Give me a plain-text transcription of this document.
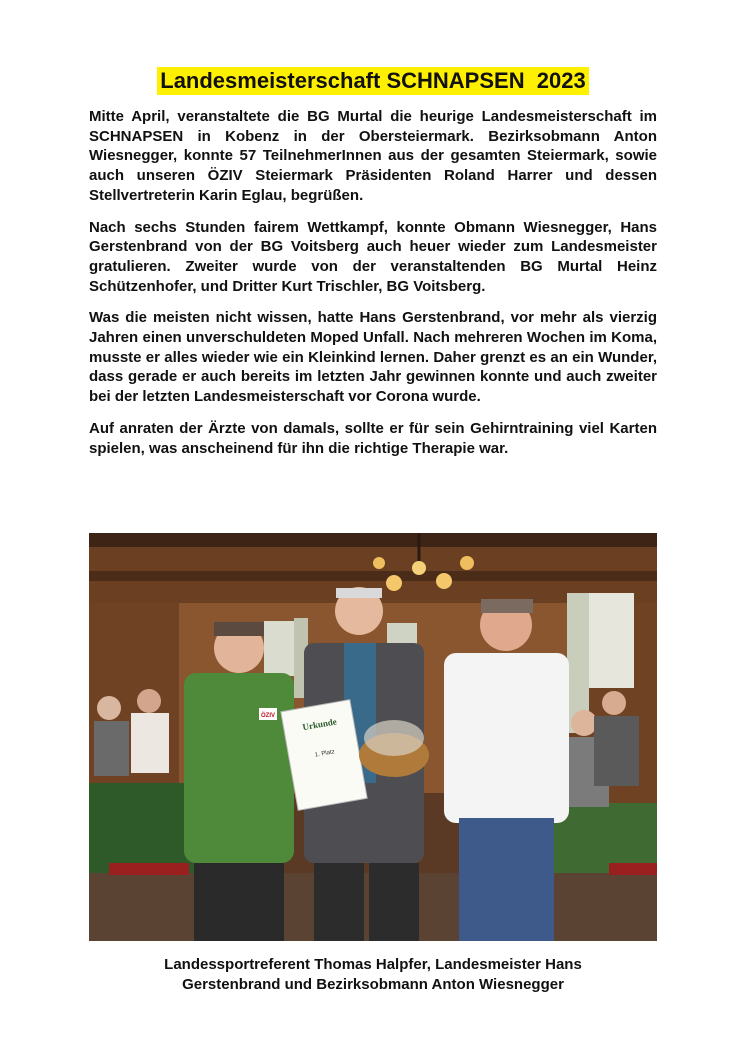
Landesmeisterschaft SCHNAPSEN  2023

Mitte April, veranstaltete die BG Murtal die heurige Landesmeisterschaft im SCHNAPSEN in Kobenz in der Obersteiermark. Bezirksobmann Anton Wiesnegger, konnte 57 TeilnehmerInnen aus der gesamten Steiermark, sowie auch unseren ÖZIV Steiermark Präsidenten Roland Harrer und dessen Stellvertreterin Karin Eglau, begrüßen.

Nach sechs Stunden fairem Wettkampf, konnte Obmann Wiesnegger, Hans Gerstenbrand von der BG Voitsberg auch heuer wieder zum Landesmeister gratulieren. Zweiter wurde von der veranstaltenden BG Murtal Heinz Schützenhofer, und Dritter Kurt Trischler, BG Voitsberg.

Was die meisten nicht wissen, hatte Hans Gerstenbrand, vor mehr als vierzig Jahren einen unverschuldeten Moped Unfall. Nach mehreren Wochen im Koma, musste er alles wieder wie ein Kleinkind lernen. Daher grenzt es an ein Wunder, dass gerade er auch bereits im letzten Jahr gewinnen konnte und auch zweiter bei der letzten Landesmeisterschaft vor Corona wurde.

Auf anraten der Ärzte von damals, sollte er für sein Gehirntraining viel Karten spielen, was anscheinend für ihn die richtige Therapie war.

ÖZIV
Urkunde
1. Platz
Landessportreferent Thomas Halpfer, Landesmeister Hans
Gerstenbrand und Bezirksobmann Anton Wiesnegger
